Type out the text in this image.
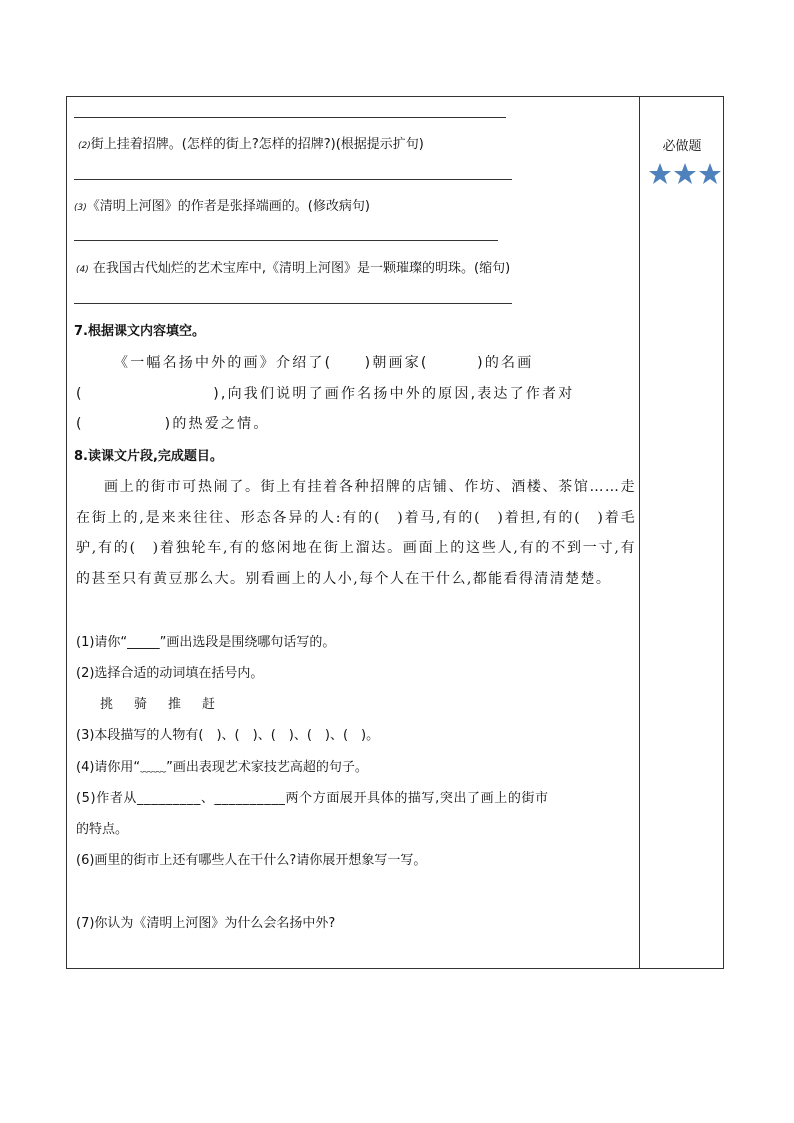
必做题
(2)街上挂着招牌。(怎样的街上?怎样的招牌?)(根据提示扩句)
(3)《清明上河图》的作者是张择端画的。(修改病句)
(4) 在我国古代灿烂的艺术宝库中,《清明上河图》是一颗璀璨的明珠。(缩句)
7.根据课文内容填空。
《一幅名扬中外的画》介绍了(　　)朝画家(　　　)的名画
(　　　　　　　　),向我们说明了画作名扬中外的原因,表达了作者对
(　　　　　)的热爱之情。
8.读课文片段,完成题目。
画上的街市可热闹了。街上有挂着各种招牌的店铺、作坊、酒楼、茶馆……走在街上的,是来来往往、形态各异的人:有的(　)着马,有的(　)着担,有的(　)着毛驴,有的(　)着独轮车,有的悠闲地在街上溜达。画面上的这些人,有的不到一寸,有的甚至只有黄豆那么大。别看画上的人小,每个人在干什么,都能看得清清楚楚。
(1)请你“_____”画出选段是围绕哪句话写的。
(2)选择合适的动词填在括号内。
挑　骑　推　赶
(3)本段描写的人物有(　)、(　)、(　)、(　)、(　)。
(4)请你用“﹏﹏”画出表现艺术家技艺高超的句子。
(5)作者从_________、__________两个方面展开具体的描写,突出了画上的街市
的特点。
(6)画里的街市上还有哪些人在干什么?请你展开想象写一写。
(7)你认为《清明上河图》为什么会名扬中外?
